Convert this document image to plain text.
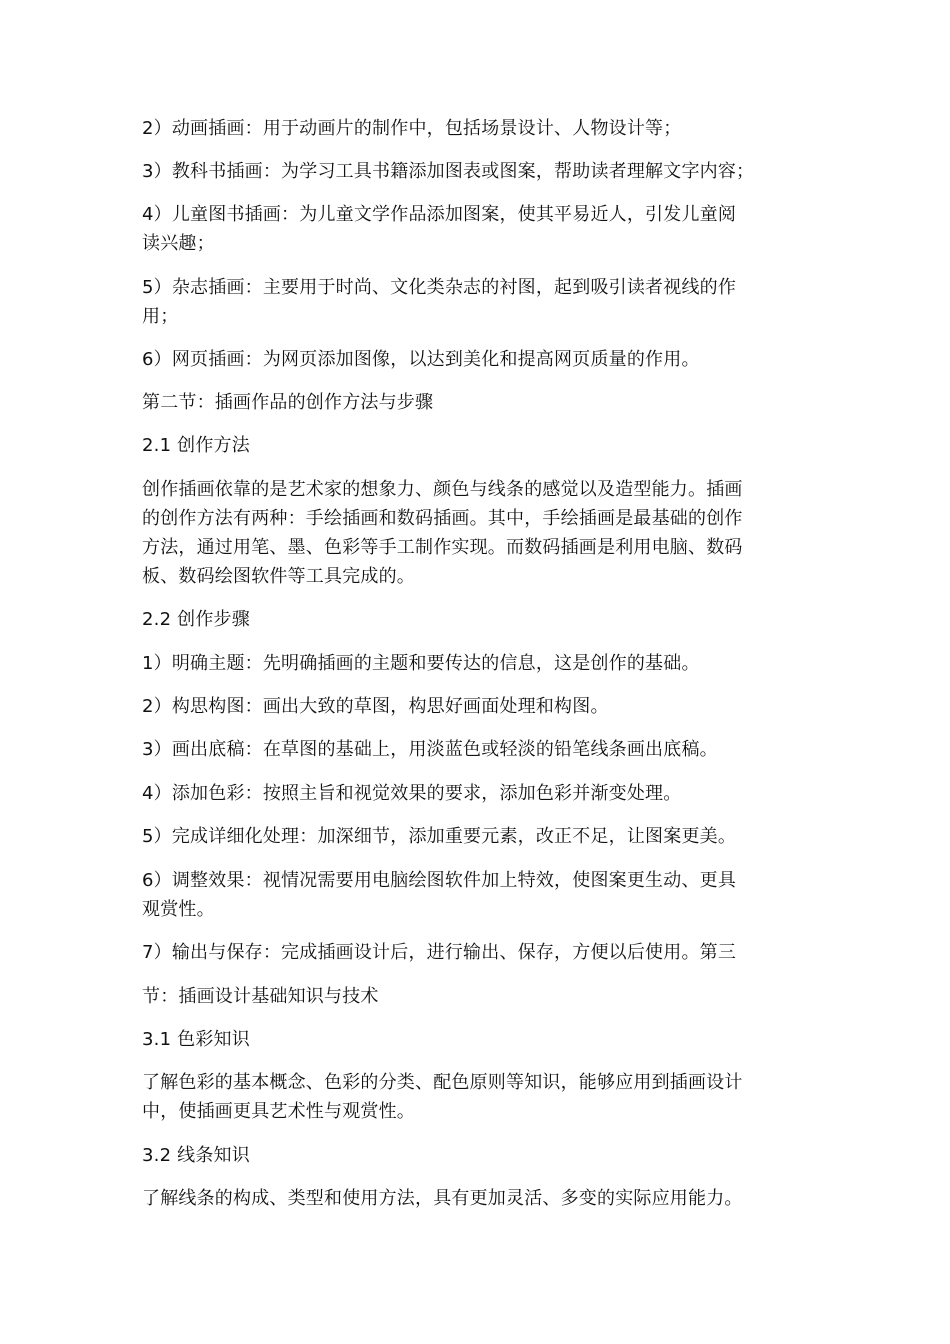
2）动画插画：用于动画片的制作中，包括场景设计、人物设计等；
3）教科书插画：为学习工具书籍添加图表或图案，帮助读者理解文字内容；
4）儿童图书插画：为儿童文学作品添加图案，使其平易近人，引发儿童阅
读兴趣；
5）杂志插画：主要用于时尚、文化类杂志的衬图，起到吸引读者视线的作
用；
6）网页插画：为网页添加图像，以达到美化和提高网页质量的作用。
第二节：插画作品的创作方法与步骤
2.1 创作方法
创作插画依靠的是艺术家的想象力、颜色与线条的感觉以及造型能力。插画
的创作方法有两种：手绘插画和数码插画。其中，手绘插画是最基础的创作
方法，通过用笔、墨、色彩等手工制作实现。而数码插画是利用电脑、数码
板、数码绘图软件等工具完成的。
2.2 创作步骤
1）明确主题：先明确插画的主题和要传达的信息，这是创作的基础。
2）构思构图：画出大致的草图，构思好画面处理和构图。
3）画出底稿：在草图的基础上，用淡蓝色或轻淡的铅笔线条画出底稿。
4）添加色彩：按照主旨和视觉效果的要求，添加色彩并渐变处理。
5）完成详细化处理：加深细节，添加重要元素，改正不足，让图案更美。
6）调整效果：视情况需要用电脑绘图软件加上特效，使图案更生动、更具
观赏性。
7）输出与保存：完成插画设计后，进行输出、保存，方便以后使用。第三
节：插画设计基础知识与技术
3.1 色彩知识
了解色彩的基本概念、色彩的分类、配色原则等知识，能够应用到插画设计
中，使插画更具艺术性与观赏性。
3.2 线条知识
了解线条的构成、类型和使用方法，具有更加灵活、多变的实际应用能力。
